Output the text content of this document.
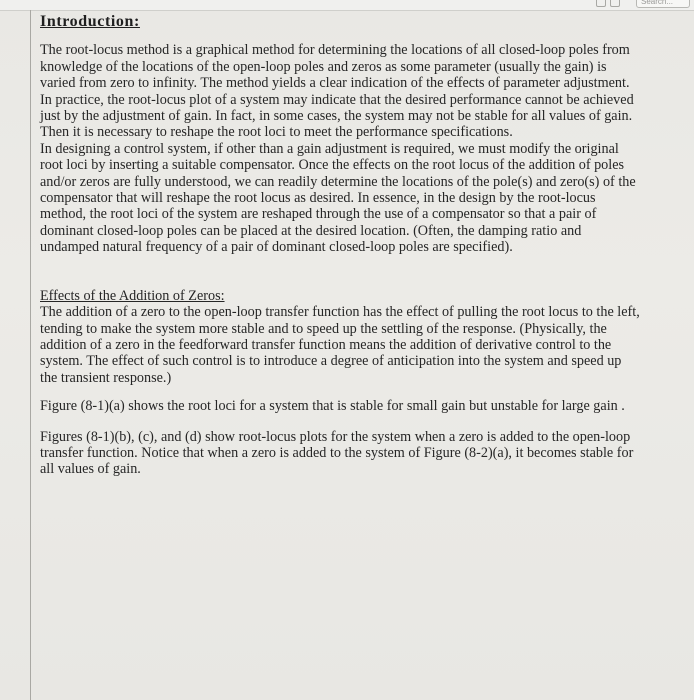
Search...
Introduction:

The root-locus method is a graphical method for determining the locations of all closed-loop poles from knowledge of the locations of the open-loop poles and zeros as some parameter (usually the gain) is varied from zero to infinity. The method yields a clear indication of the effects of parameter adjustment.

In practice, the root-locus plot of a system may indicate that the desired performance cannot be achieved just by the adjustment of gain. In fact, in some cases, the system may not be stable for all values of gain. Then it is necessary to reshape the root loci to meet the performance specifications.

In designing a control system, if other than a gain adjustment is required, we must modify the original root loci by inserting a suitable compensator. Once the effects on the root locus of the addition of poles and/or zeros are fully understood, we can readily determine the locations of the pole(s) and zero(s) of the compensator that will reshape the root locus as desired. In essence, in the design by the root-locus method, the root loci of the system are reshaped through the use of a compensator so that a pair of dominant closed-loop poles can be placed at the desired location. (Often, the damping ratio and undamped natural frequency of a pair of dominant closed-loop poles are specified).

Effects of the Addition of Zeros:

The addition of a zero to the open-loop transfer function has the effect of pulling the root locus to the left, tending to make the system more stable and to speed up the settling of the response. (Physically, the addition of a zero in the feedforward transfer function means the addition of derivative control to the system. The effect of such control is to introduce a degree of anticipation into the system and speed up the transient response.)

Figure (8-1)(a) shows the root loci for a system that is stable for small gain but unstable for large gain .

Figures (8-1)(b), (c), and (d) show root-locus plots for the system when a zero is added to the open-loop transfer function. Notice that when a zero is added to the system of Figure (8-2)(a), it becomes stable for all values of gain.
